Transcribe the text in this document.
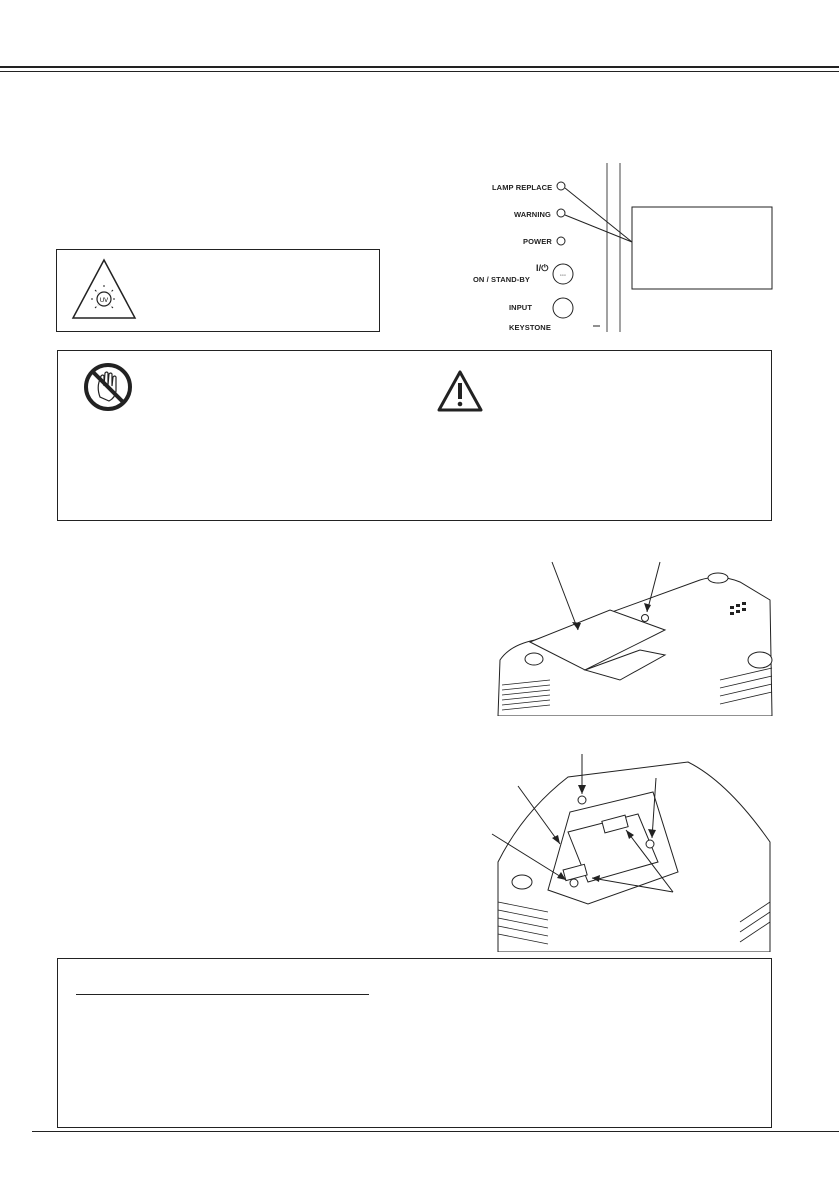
UV
◦◦◦
LAMP REPLACE
WARNING
POWER
I/⏻
ON / STAND-BY
INPUT
KEYSTONE
